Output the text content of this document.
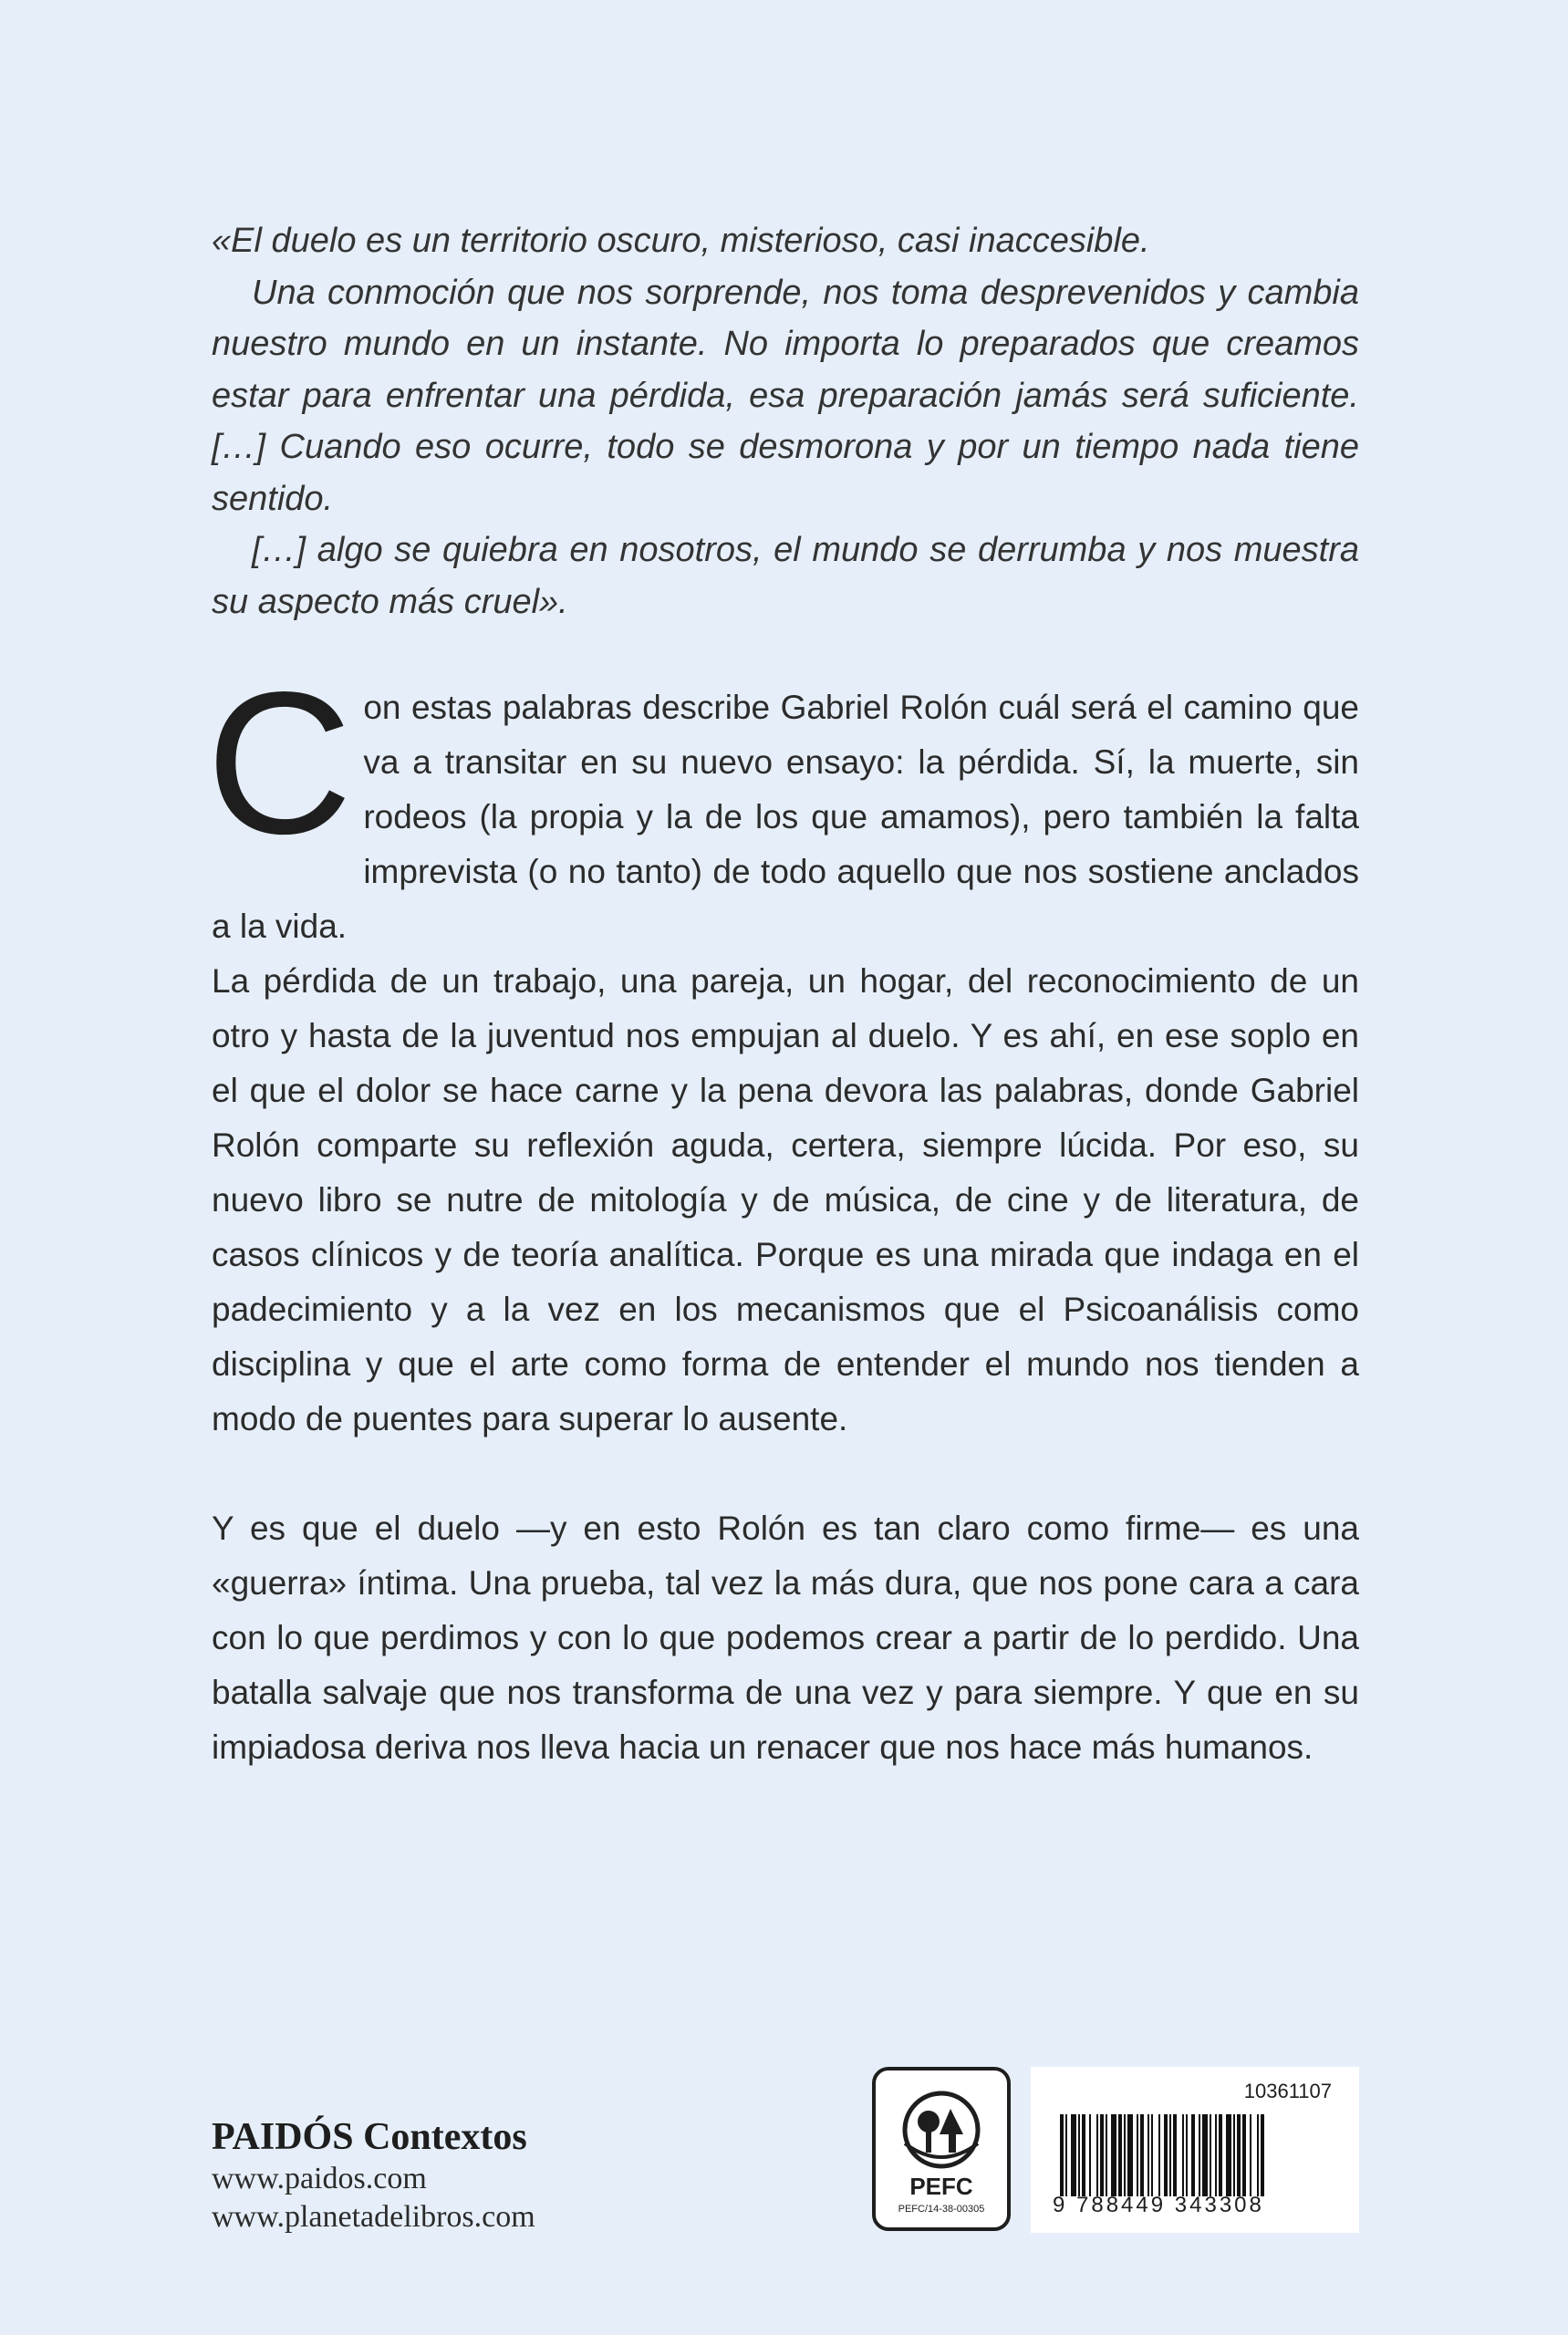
«El duelo es un territorio oscuro, misterioso, casi inaccesible.

Una conmoción que nos sorprende, nos toma desprevenidos y cambia nuestro mundo en un instante. No importa lo preparados que creamos estar para enfrentar una pérdida, esa preparación jamás será suficiente. […] Cuando eso ocurre, todo se desmorona y por un tiempo nada tiene sentido.

[…] algo se quiebra en nosotros, el mundo se derrumba y nos muestra su aspecto más cruel».

Con estas palabras describe Gabriel Rolón cuál será el camino que va a transitar en su nuevo ensayo: la pérdida. Sí, la muerte, sin rodeos (la propia y la de los que amamos), pero también la falta imprevista (o no tanto) de todo aquello que nos sostiene anclados a la vida.

La pérdida de un trabajo, una pareja, un hogar, del reconocimiento de un otro y hasta de la juventud nos empujan al duelo. Y es ahí, en ese soplo en el que el dolor se hace carne y la pena devora las palabras, donde Gabriel Rolón comparte su reflexión aguda, certera, siempre lúcida. Por eso, su nuevo libro se nutre de mitología y de música, de cine y de literatura, de casos clínicos y de teoría analítica. Porque es una mirada que indaga en el padecimiento y a la vez en los mecanismos que el Psicoanálisis como disciplina y que el arte como forma de entender el mundo nos tienden a modo de puentes para superar lo ausente.

Y es que el duelo —y en esto Rolón es tan claro como firme— es una «guerra» íntima. Una prueba, tal vez la más dura, que nos pone cara a cara con lo que perdimos y con lo que podemos crear a partir de lo perdido. Una batalla salvaje que nos transforma de una vez y para siempre. Y que en su impiadosa deriva nos lleva hacia un renacer que nos hace más humanos.

PAIDÓS Contextos
www.paidos.com
www.planetadelibros.com
PEFC
PEFC/14-38-00305
10361107
9 788449 343308
